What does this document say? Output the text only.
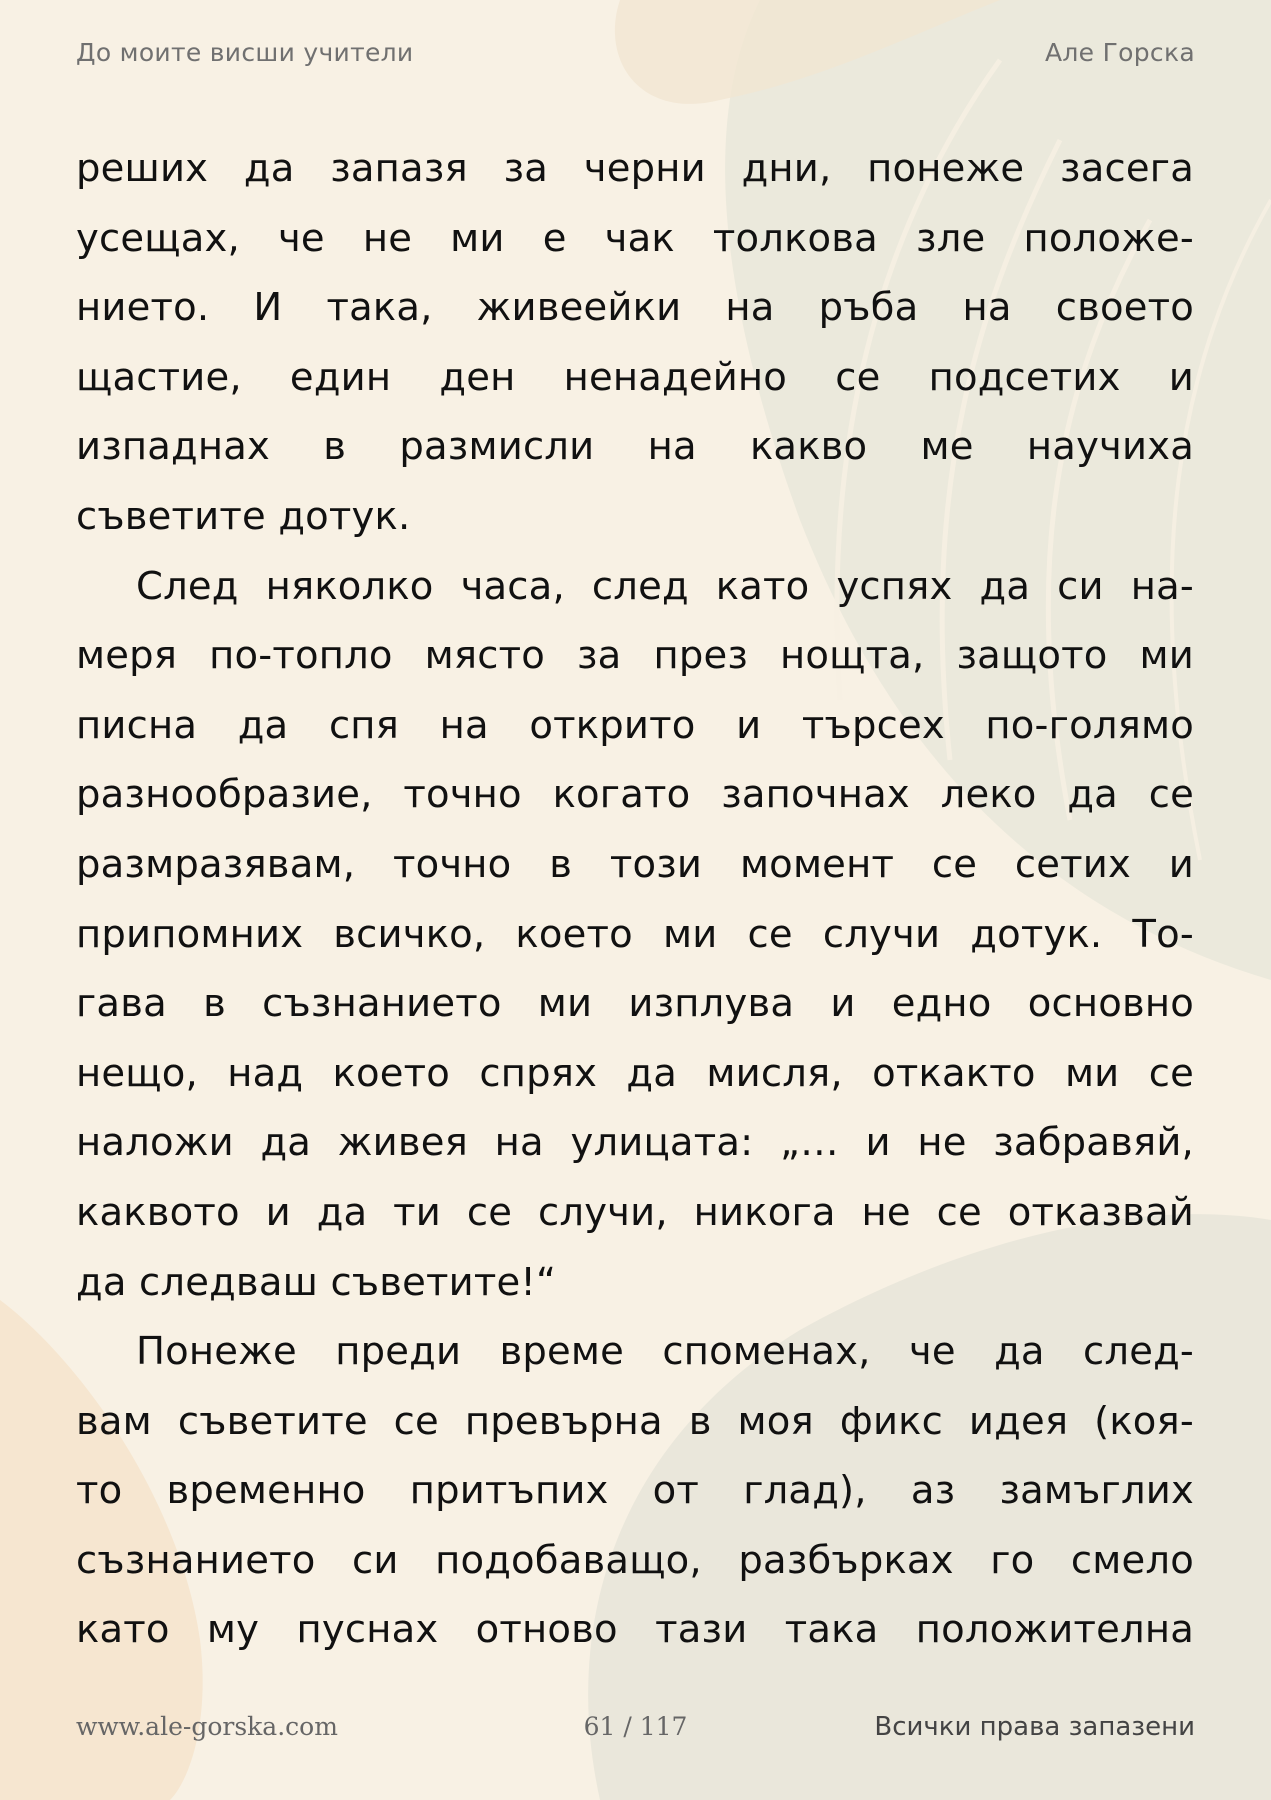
До моите висши учители	Але Горска
реших да запазя за черни дни, понеже засега
усещах, че не ми е чак толкова зле положе-
нието. И така, живеейки на ръба на своето
щастие, един ден ненадейно се подсетих и
изпаднах в размисли на какво ме научиха
съветите дотук.
След няколко часа, след като успях да си на-
меря по-топло място за през нощта, защото ми
писна да спя на открито и търсех по-голямо
разнообразие, точно когато започнах леко да се
размразявам, точно в този момент се сетих и
припомних всичко, което ми се случи дотук. То-
гава в съзнанието ми изплува и едно основно
нещо, над което спрях да мисля, откакто ми се
наложи да живея на улицата: „… и не забравяй,
каквото и да ти се случи, никога не се отказвай
да следваш съветите!“
Понеже преди време споменах, че да след-
вам съветите се превърна в моя фикс идея (коя-
то временно притъпих от глад), аз замъглих
съзнанието си подобаващо, разбърках го смело
като му пуснах отново тази така положителна
www.ale-gorska.com	61 / 117	Всички права запазени
